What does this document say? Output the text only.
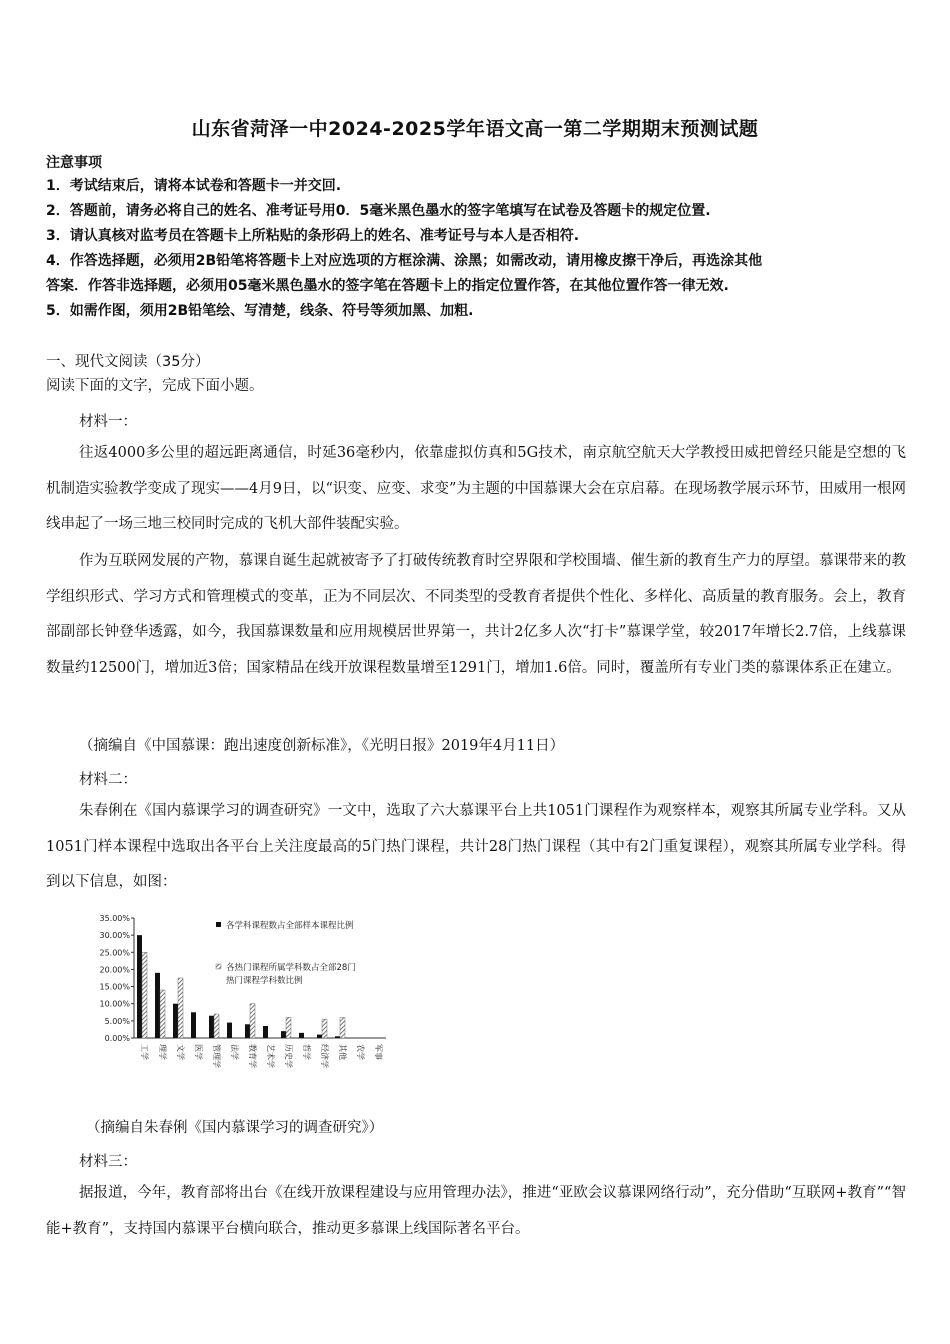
山东省菏泽一中2024-2025学年语文高一第二学期期末预测试题
注意事项
1．考试结束后，请将本试卷和答题卡一并交回.
2．答题前，请务必将自己的姓名、准考证号用0．5毫米黑色墨水的签字笔填写在试卷及答题卡的规定位置.
3．请认真核对监考员在答题卡上所粘贴的条形码上的姓名、准考证号与本人是否相符.
4．作答选择题，必须用2B铅笔将答题卡上对应选项的方框涂满、涂黑；如需改动，请用橡皮擦干净后，再选涂其他
答案．作答非选择题，必须用05毫米黑色墨水的签字笔在答题卡上的指定位置作答，在其他位置作答一律无效.
5．如需作图，须用2B铅笔绘、写清楚，线条、符号等须加黑、加粗.
一、现代文阅读（35分）
阅读下面的文字，完成下面小题。
材料一：
往返4000多公里的超远距离通信，时延36毫秒内，依靠虚拟仿真和5G技术，南京航空航天大学教授田威把曾经只能是空想的飞机制造实验教学变成了现实——4月9日，以“识变、应变、求变”为主题的中国慕课大会在京启幕。在现场教学展示环节，田威用一根网线串起了一场三地三校同时完成的飞机大部件装配实验。
作为互联网发展的产物，慕课自诞生起就被寄予了打破传统教育时空界限和学校围墙、催生新的教育生产力的厚望。慕课带来的教学组织形式、学习方式和管理模式的变革，正为不同层次、不同类型的受教育者提供个性化、多样化、高质量的教育服务。会上，教育部副部长钟登华透露，如今，我国慕课数量和应用规模居世界第一，共计2亿多人次“打卡”慕课学堂，较2017年增长2.7倍，上线慕课数量约12500门，增加近3倍；国家精品在线开放课程数量增至1291门，增加1.6倍。同时，覆盖所有专业门类的慕课体系正在建立。
（摘编自《中国慕课：跑出速度创新标准》，《光明日报》2019年4月11日）
材料二：
朱春俐在《国内慕课学习的调查研究》一文中，选取了六大慕课平台上共1051门课程作为观察样本，观察其所属专业学科。又从1051门样本课程中选取出各平台上关注度最高的5门热门课程，共计28门热门课程（其中有2门重复课程），观察其所属专业学科。得到以下信息，如图：
35.00%
30.00%
25.00%
20.00%
15.00%
10.00%
5.00%
0.00%
工学 理学 文学 医学 管理学 法学 教育学 艺术学 历史学 哲学 经济学 其他 农学 军事
各学科课程数占全部样本课程比例
各热门课程所属学科数占全部28门
热门课程学科数比例
（摘编自朱春俐《国内慕课学习的调查研究》）
材料三：
据报道，今年，教育部将出台《在线开放课程建设与应用管理办法》，推进“亚欧会议慕课网络行动”，充分借助“互联网+教育”“智能+教育”，支持国内慕课平台横向联合，推动更多慕课上线国际著名平台。
